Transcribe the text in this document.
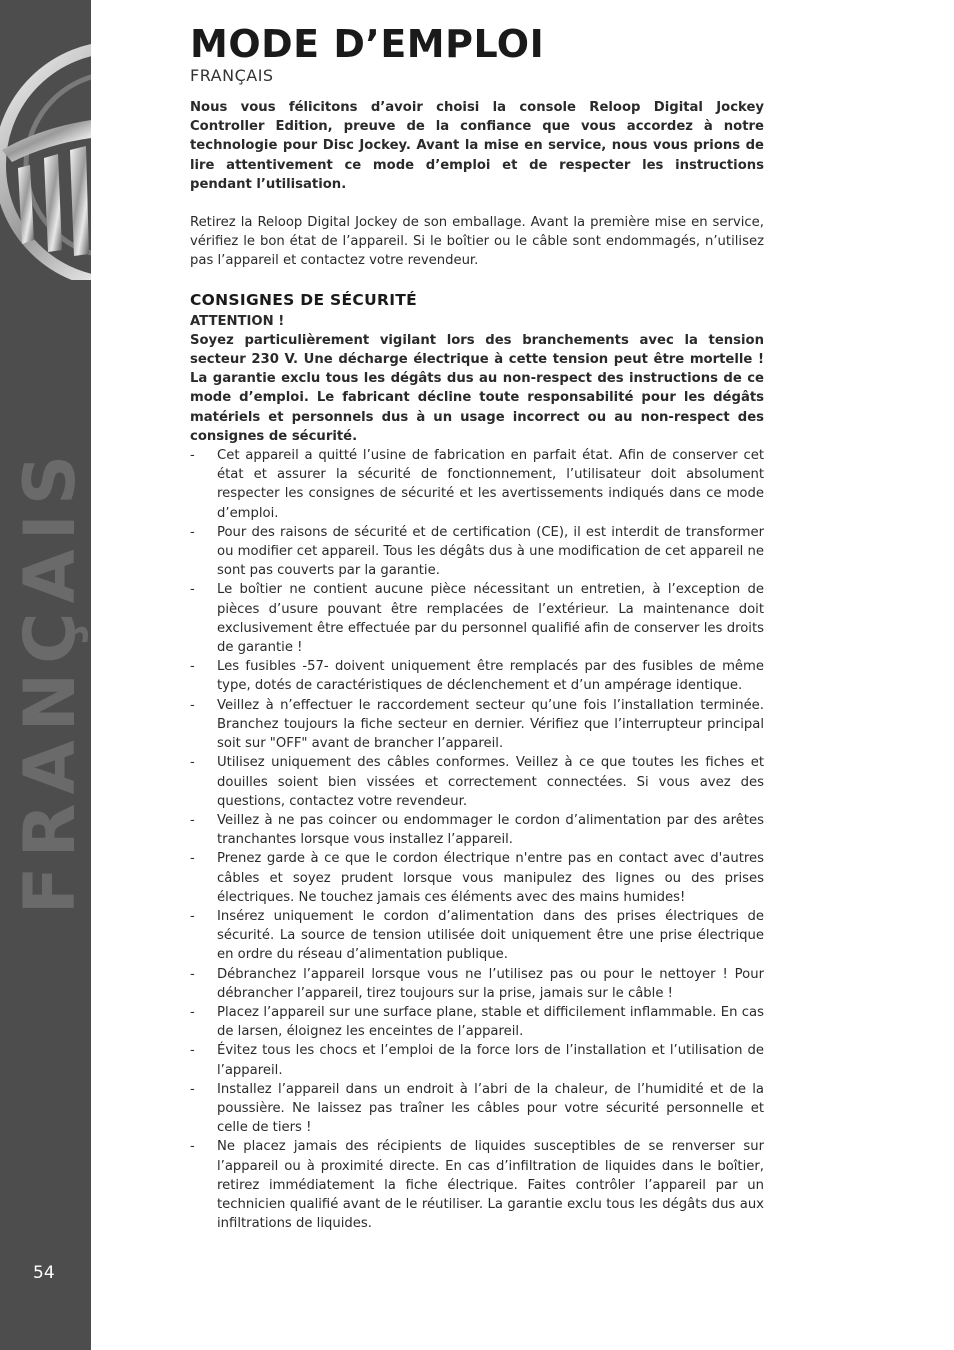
FRANÇAIS
54
MODE D’EMPLOI
FRANÇAIS

Nous vous félicitons d’avoir choisi la console Reloop Digital Jockey Controller Edition, preuve de la confiance que vous accordez à notre technologie pour Disc Jockey. Avant la mise en service, nous vous prions de lire attentivement ce mode d’emploi et de respecter les instructions pendant l’utilisation.

Retirez la Reloop Digital Jockey de son emballage. Avant la première mise en service, vérifiez le bon état de l’appareil. Si le boîtier ou le câble sont endommagés, n’utilisez pas l’appareil et contactez votre revendeur.

CONSIGNES DE SÉCURITÉ
ATTENTION !

Soyez particulièrement vigilant lors des branchements avec la tension secteur 230 V. Une décharge électrique à cette tension peut être mortelle ! La garantie exclu tous les dégâts dus au non-respect des instructions de ce mode d’emploi. Le fabricant décline toute responsabilité pour les dégâts matériels et personnels dus à un usage incorrect ou au non-respect des consignes de sécurité.

- Cet appareil a quitté l’usine de fabrication en parfait état. Afin de conserver cet état et assurer la sécurité de fonctionnement, l’utilisateur doit absolument respecter les consignes de sécurité et les avertissements indiqués dans ce mode d’emploi.
- Pour des raisons de sécurité et de certification (CE), il est interdit de transformer ou modifier cet appareil. Tous les dégâts dus à une modification de cet appareil ne sont pas couverts par la garantie.
- Le boîtier ne contient aucune pièce nécessitant un entretien, à l’exception de pièces d’usure pouvant être remplacées de l’extérieur. La maintenance doit exclusivement être effectuée par du personnel qualifié afin de conserver les droits de garantie !
- Les fusibles -57- doivent uniquement être remplacés par des fusibles de même type, dotés de caractéristiques de déclenchement et d’un ampérage identique.
- Veillez à n’effectuer le raccordement secteur qu’une fois l’installation terminée. Branchez toujours la fiche secteur en dernier. Vérifiez que l’interrupteur principal soit sur "OFF" avant de brancher l’appareil.
- Utilisez uniquement des câbles conformes. Veillez à ce que toutes les fiches et douilles soient bien vissées et correctement connectées. Si vous avez des questions, contactez votre revendeur.
- Veillez à ne pas coincer ou endommager le cordon d’alimentation par des arêtes tranchantes lorsque vous installez l’appareil.
- Prenez garde à ce que le cordon électrique n'entre pas en contact avec d'autres câbles et soyez prudent lorsque vous manipulez des lignes ou des prises électriques. Ne touchez jamais ces éléments avec des mains humides!
- Insérez uniquement le cordon d’alimentation dans des prises électriques de sécurité. La source de tension utilisée doit uniquement être une prise électrique en ordre du réseau d’alimentation publique.
- Débranchez l’appareil lorsque vous ne l’utilisez pas ou pour le nettoyer ! Pour débrancher l’appareil, tirez toujours sur la prise, jamais sur le câble !
- Placez l’appareil sur une surface plane, stable et difficilement inflammable. En cas de larsen, éloignez les enceintes de l’appareil.
- Évitez tous les chocs et l’emploi de la force lors de l’installation et l’utilisation de l’appareil.
- Installez l’appareil dans un endroit à l’abri de la chaleur, de l’humidité et de la poussière. Ne laissez pas traîner les câbles pour votre sécurité personnelle et celle de tiers !
- Ne placez jamais des récipients de liquides susceptibles de se renverser sur l’appareil ou à proximité directe. En cas d’infiltration de liquides dans le boîtier, retirez immédiatement la fiche électrique. Faites contrôler l’appareil par un technicien qualifié avant de le réutiliser. La garantie exclu tous les dégâts dus aux infiltrations de liquides.
